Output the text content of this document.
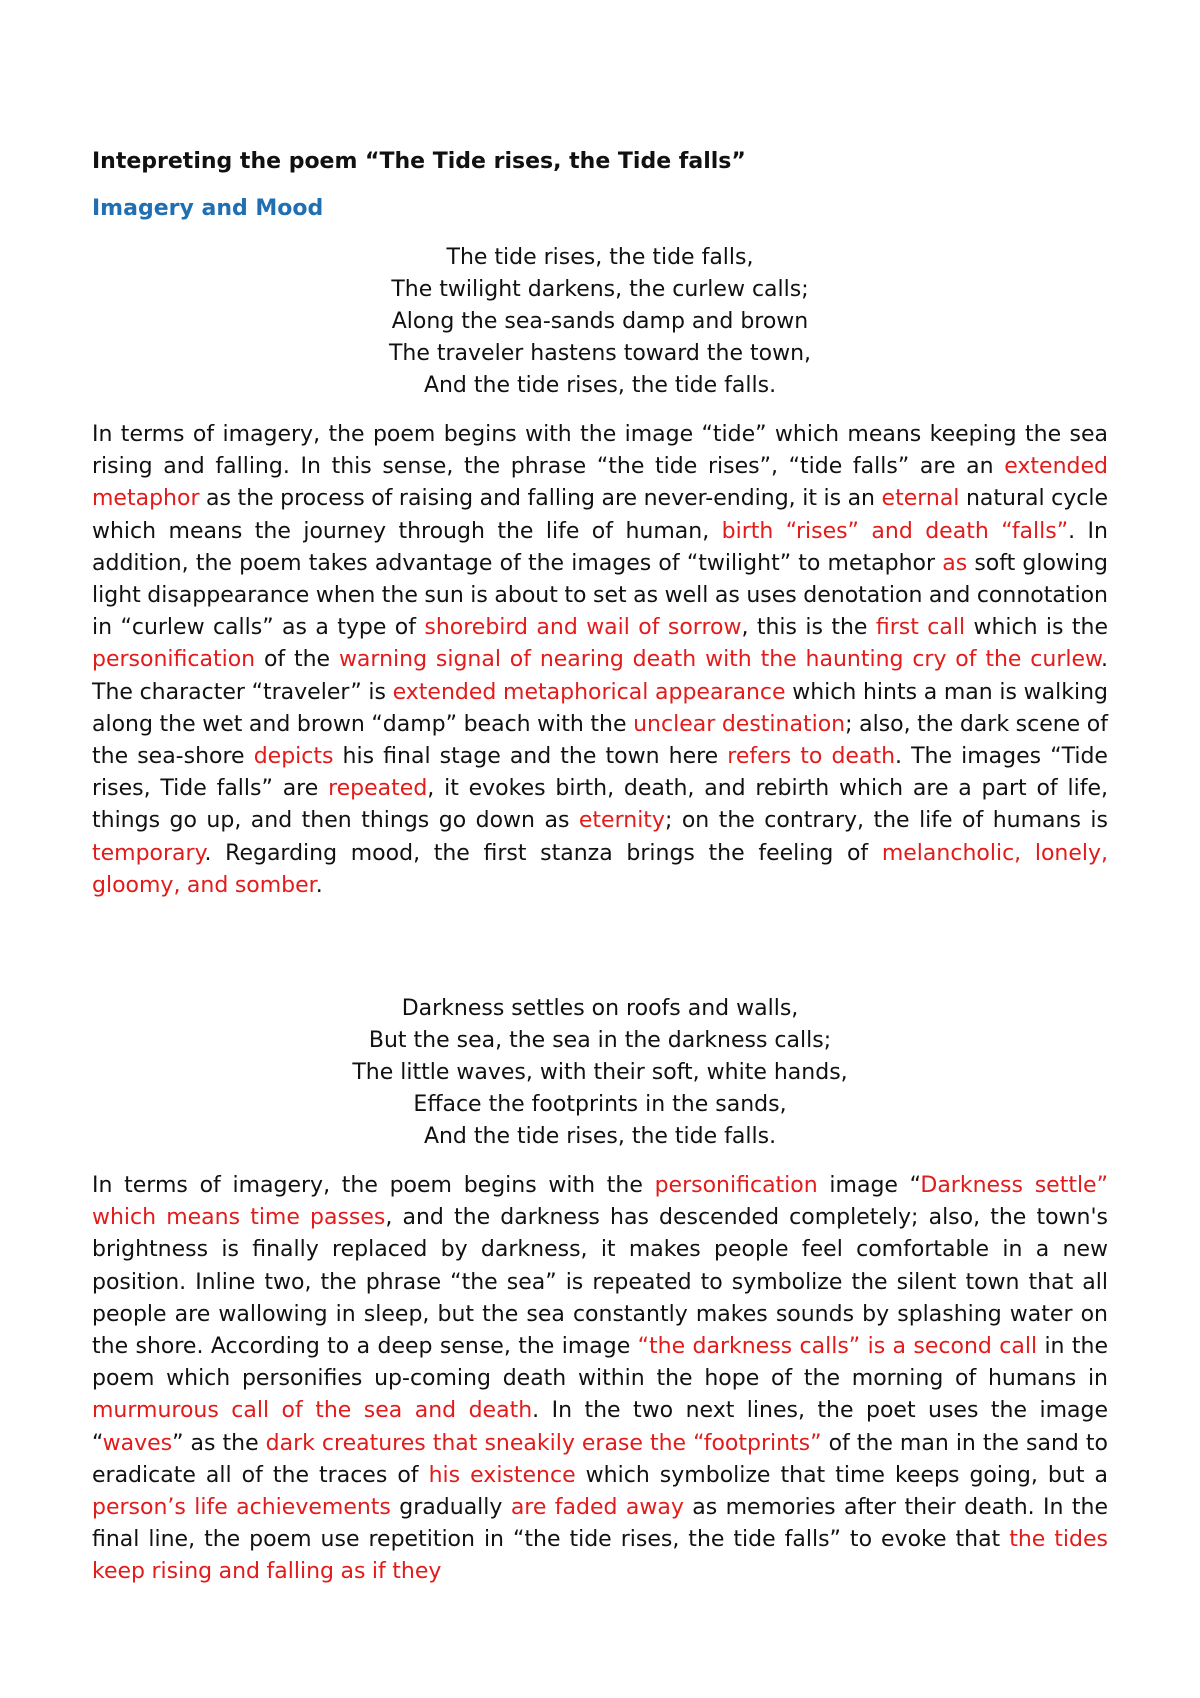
Intepreting the poem “The Tide rises, the Tide falls”

Imagery and Mood

The tide rises, the tide falls,
The twilight darkens, the curlew calls;
Along the sea-sands damp and brown
The traveler hastens toward the town,
And the tide rises, the tide falls.

In terms of imagery, the poem begins with the image “tide” which means keeping the sea rising and falling. In this sense, the phrase “the tide rises”, “tide falls” are an extended metaphor as the process of raising and falling are never-ending, it is an eternal natural cycle which means the journey through the life of human, birth “rises” and death “falls”. In addition, the poem takes advantage of the images of “twilight” to metaphor as soft glowing light disappearance when the sun is about to set as well as uses denotation and connotation in “curlew calls” as a type of shorebird and wail of sorrow, this is the first call which is the personification of the warning signal of nearing death with the haunting cry of the curlew. The character “traveler” is extended metaphorical appearance which hints a man is walking along the wet and brown “damp” beach with the unclear destination; also, the dark scene of the sea-shore depicts his final stage and the town here refers to death. The images “Tide rises, Tide falls” are repeated, it evokes birth, death, and rebirth which are a part of life, things go up, and then things go down as eternity; on the contrary, the life of humans is temporary. Regarding mood, the first stanza brings the feeling of melancholic, lonely, gloomy, and somber.

Darkness settles on roofs and walls,
But the sea, the sea in the darkness calls;
The little waves, with their soft, white hands,
Efface the footprints in the sands,
And the tide rises, the tide falls.

In terms of imagery, the poem begins with the personification image “Darkness settle” which means time passes, and the darkness has descended completely; also, the town's brightness is finally replaced by darkness, it makes people feel comfortable in a new position. Inline two, the phrase “the sea” is repeated to symbolize the silent town that all people are wallowing in sleep, but the sea constantly makes sounds by splashing water on the shore. According to a deep sense, the image “the darkness calls” is a second call in the poem which personifies up-coming death within the hope of the morning of humans in murmurous call of the sea and death. In the two next lines, the poet uses the image “waves” as the dark creatures that sneakily erase the “footprints” of the man in the sand to eradicate all of the traces of his existence which symbolize that time keeps going, but a person’s life achievements gradually are faded away as memories after their death. In the final line, the poem use repetition in “the tide rises, the tide falls” to evoke that the tides keep rising and falling as if they
